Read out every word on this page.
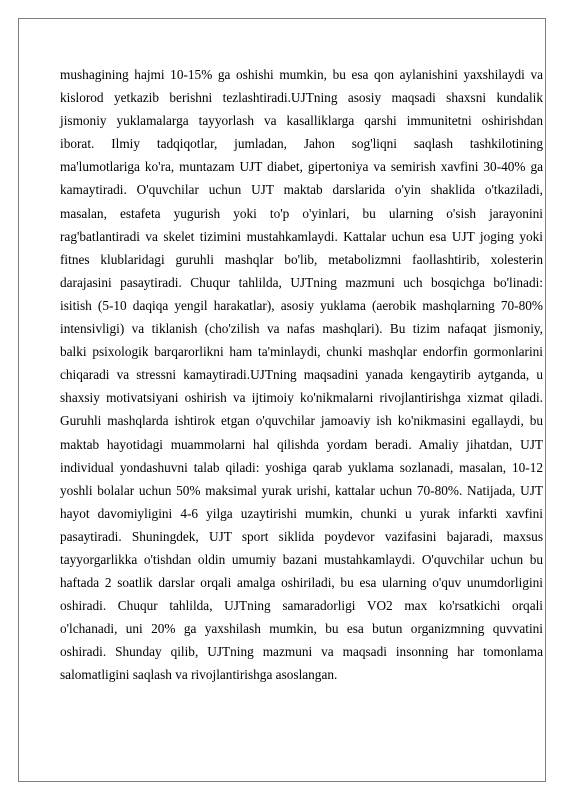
mushagining hajmi 10-15% ga oshishi mumkin, bu esa qon aylanishini yaxshilaydi va
kislorod yetkazib berishni tezlashtiradi.UJTning asosiy maqsadi shaxsni kundalik
jismoniy yuklamalarga tayyorlash va kasalliklarga qarshi immunitetni oshirishdan
iborat. Ilmiy tadqiqotlar, jumladan, Jahon sog'liqni saqlash tashkilotining
ma'lumotlariga ko'ra, muntazam UJT diabet, gipertoniya va semirish xavfini 30-40% ga
kamaytiradi. O'quvchilar uchun UJT maktab darslarida o'yin shaklida o'tkaziladi,
masalan, estafeta yugurish yoki to'p o'yinlari, bu ularning o'sish jarayonini
rag'batlantiradi va skelet tizimini mustahkamlaydi. Kattalar uchun esa UJT joging yoki
fitnes klublaridagi guruhli mashqlar bo'lib, metabolizmni faollashtirib, xolesterin
darajasini pasaytiradi. Chuqur tahlilda, UJTning mazmuni uch bosqichga bo'linadi:
isitish (5-10 daqiqa yengil harakatlar), asosiy yuklama (aerobik mashqlarning 70-80%
intensivligi) va tiklanish (cho'zilish va nafas mashqlari). Bu tizim nafaqat jismoniy,
balki psixologik barqarorlikni ham ta'minlaydi, chunki mashqlar endorfin gormonlarini
chiqaradi va stressni kamaytiradi.UJTning maqsadini yanada kengaytirib aytganda, u
shaxsiy motivatsiyani oshirish va ijtimoiy ko'nikmalarni rivojlantirishga xizmat qiladi.
Guruhli mashqlarda ishtirok etgan o'quvchilar jamoaviy ish ko'nikmasini egallaydi, bu
maktab hayotidagi muammolarni hal qilishda yordam beradi. Amaliy jihatdan, UJT
individual yondashuvni talab qiladi: yoshiga qarab yuklama sozlanadi, masalan, 10-12
yoshli bolalar uchun 50% maksimal yurak urishi, kattalar uchun 70-80%. Natijada, UJT
hayot davomiyligini 4-6 yilga uzaytirishi mumkin, chunki u yurak infarkti xavfini
pasaytiradi. Shuningdek, UJT sport siklida poydevor vazifasini bajaradi, maxsus
tayyorgarlikka o'tishdan oldin umumiy bazani mustahkamlaydi. O'quvchilar uchun bu
haftada 2 soatlik darslar orqali amalga oshiriladi, bu esa ularning o'quv unumdorligini
oshiradi. Chuqur tahlilda, UJTning samaradorligi VO2 max ko'rsatkichi orqali
o'lchanadi, uni 20% ga yaxshilash mumkin, bu esa butun organizmning quvvatini
oshiradi. Shunday qilib, UJTning mazmuni va maqsadi insonning har tomonlama
salomatligini saqlash va rivojlantirishga asoslangan.
